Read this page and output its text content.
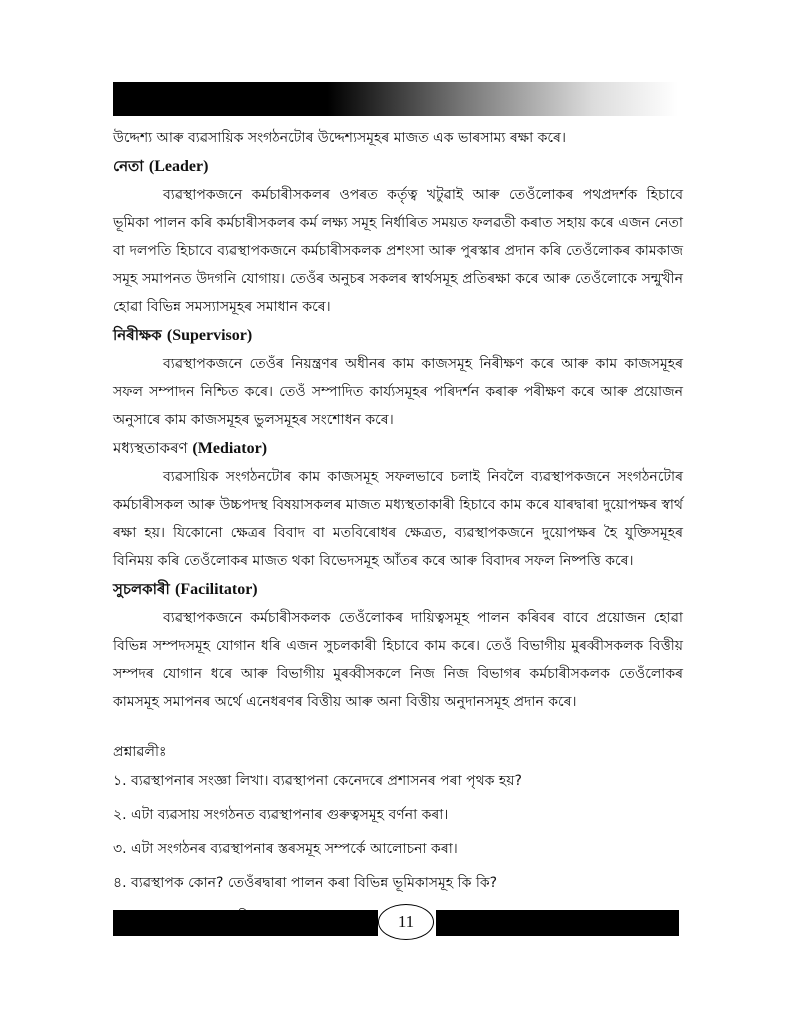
উদ্দেশ্য আৰু ব্যৱসায়িক সংগঠনটোৰ উদ্দেশ্যসমূহৰ মাজত এক ভাৰসাম্য ৰক্ষা কৰে।

নেতা (Leader)

ব্যৱস্থাপকজনে কৰ্মচাৰীসকলৰ ওপৰত কৰ্তৃত্ব খটুৱাই আৰু তেওঁলোকৰ পথপ্ৰদৰ্শক হিচাবে ভূমিকা পালন কৰি কৰ্মচাৰীসকলৰ কৰ্ম লক্ষ্য সমূহ নিৰ্ধাৰিত সময়ত ফলৱতী কৰাত সহায় কৰে এজন নেতা বা দলপতি হিচাবে ব্যৱস্থাপকজনে কৰ্মচাৰীসকলক প্ৰশংসা আৰু পুৰস্কাৰ প্ৰদান কৰি তেওঁলোকৰ কামকাজ সমূহ সমাপনত উদগনি যোগায়। তেওঁৰ অনুচৰ সকলৰ স্বাৰ্থসমূহ প্ৰতিৰক্ষা কৰে আৰু তেওঁলোকে সন্মুখীন হোৱা বিভিন্ন সমস্যাসমূহৰ সমাধান কৰে।

নিৰীক্ষক (Supervisor)

ব্যৱস্থাপকজনে তেওঁৰ নিয়ন্ত্ৰণৰ অধীনৰ কাম কাজসমূহ নিৰীক্ষণ কৰে আৰু কাম কাজসমূহৰ সফল সম্পাদন নিশ্চিত কৰে। তেওঁ সম্পাদিত কাৰ্য্যসমূহৰ পৰিদৰ্শন কৰাৰু পৰীক্ষণ কৰে আৰু প্ৰয়োজন অনুসাৰে কাম কাজসমূহৰ ভুলসমূহৰ সংশোধন কৰে।

মধ্যস্থতাকৰণ (Mediator)

ব্যৱসায়িক সংগঠনটোৰ কাম কাজসমূহ সফলভাবে চলাই নিবলৈ ব্যৱস্থাপকজনে সংগঠনটোৰ কৰ্মচাৰীসকল আৰু উচ্চপদস্থ বিষয়াসকলৰ মাজত মধ্যস্থতাকাৰী হিচাবে কাম কৰে যাৰদ্বাৰা দুয়োপক্ষৰ স্বাৰ্থ ৰক্ষা হয়। যিকোনো ক্ষেত্ৰৰ বিবাদ বা মতবিৰোধৰ ক্ষেত্ৰত, ব্যৱস্থাপকজনে দুয়োপক্ষৰ হৈ যুক্তিসমূহৰ বিনিময় কৰি তেওঁলোকৰ মাজত থকা বিভেদসমূহ আঁতৰ কৰে আৰু বিবাদৰ সফল নিষ্পত্তি কৰে।

সুচলকাৰী (Facilitator)

ব্যৱস্থাপকজনে কৰ্মচাৰীসকলক তেওঁলোকৰ দায়িত্বসমূহ পালন কৰিবৰ বাবে প্ৰয়োজন হোৱা বিভিন্ন সম্পদসমূহ যোগান ধৰি এজন সুচলকাৰী হিচাবে কাম কৰে। তেওঁ বিভাগীয় মুৰব্বীসকলক বিত্তীয় সম্পদৰ যোগান ধৰে আৰু বিভাগীয় মুৰব্বীসকলে নিজ নিজ বিভাগৰ কৰ্মচাৰীসকলক তেওঁলোকৰ কামসমূহ সমাপনৰ অৰ্থে এনেধৰণৰ বিত্তীয় আৰু অনা বিত্তীয় অনুদানসমূহ প্ৰদান কৰে।

প্ৰশ্নাৱলীঃ

১. ব্যৱস্থাপনাৰ সংজ্ঞা লিখা। ব্যৱস্থাপনা কেনেদৰে প্ৰশাসনৰ পৰা পৃথক হয়?

২. এটা ব্যৱসায় সংগঠনত ব্যৱস্থাপনাৰ গুৰুত্বসমূহ বৰ্ণনা কৰা।

৩. এটা সংগঠনৰ ব্যৱস্থাপনাৰ স্তৰসমূহ সম্পৰ্কে আলোচনা কৰা।

৪. ব্যৱস্থাপক কোন? তেওঁৰদ্বাৰা পালন কৰা বিভিন্ন ভূমিকাসমূহ কি কি?

11
